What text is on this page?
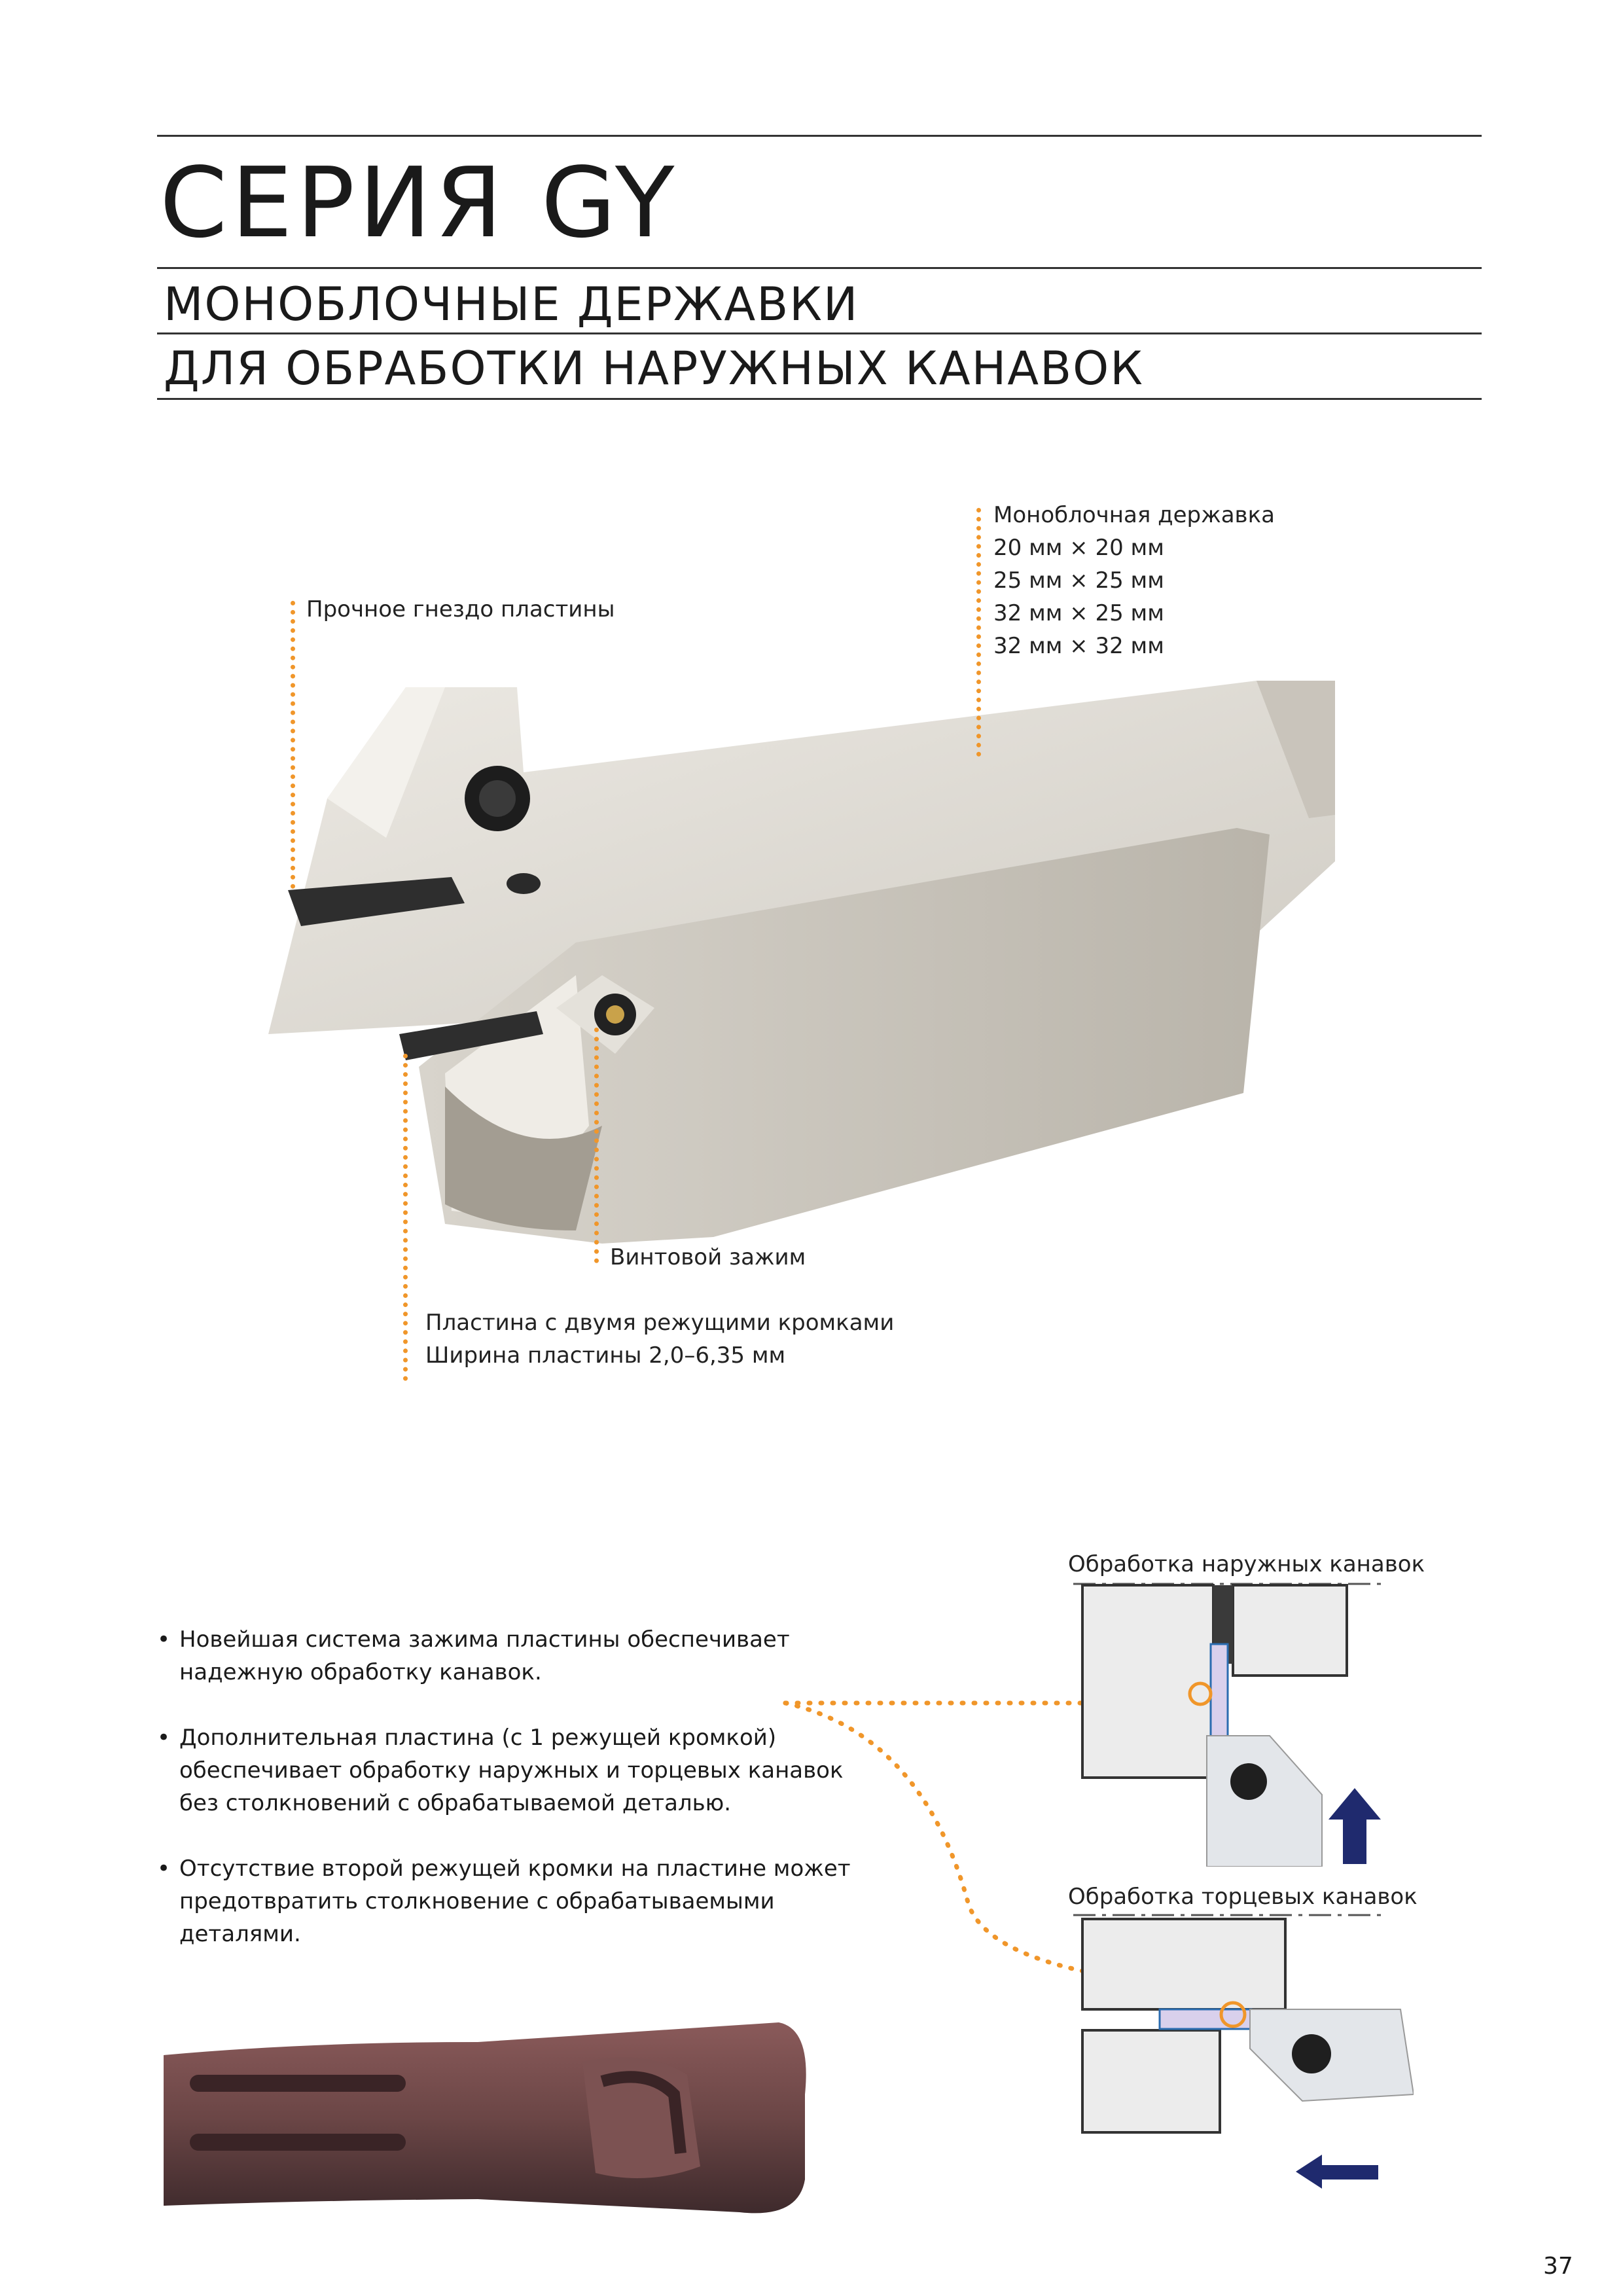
СЕРИЯ GY
МОНОБЛОЧНЫЕ ДЕРЖАВКИ
ДЛЯ ОБРАБОТКИ НАРУЖНЫХ КАНАВОК
Моноблочная державка
20 мм × 20 мм
25 мм × 25 мм
32 мм × 25 мм
32 мм × 32 мм
Прочное гнездо пластины
Винтовой зажим
Пластина с двумя режущими кромками
Ширина пластины 2,0–6,35 мм
• Новейшая система зажима пластины обеспечивает надежную обработку канавок.
• Дополнительная пластина (с 1 режущей кромкой) обеспечивает обработку наружных и торцевых канавок без столкновений с обрабатываемой деталью.
• Отсутствие второй режущей кромки на пластине может предотвратить столкновение с обрабатываемыми деталями.
Обработка наружных канавок
Обработка торцевых канавок
37
